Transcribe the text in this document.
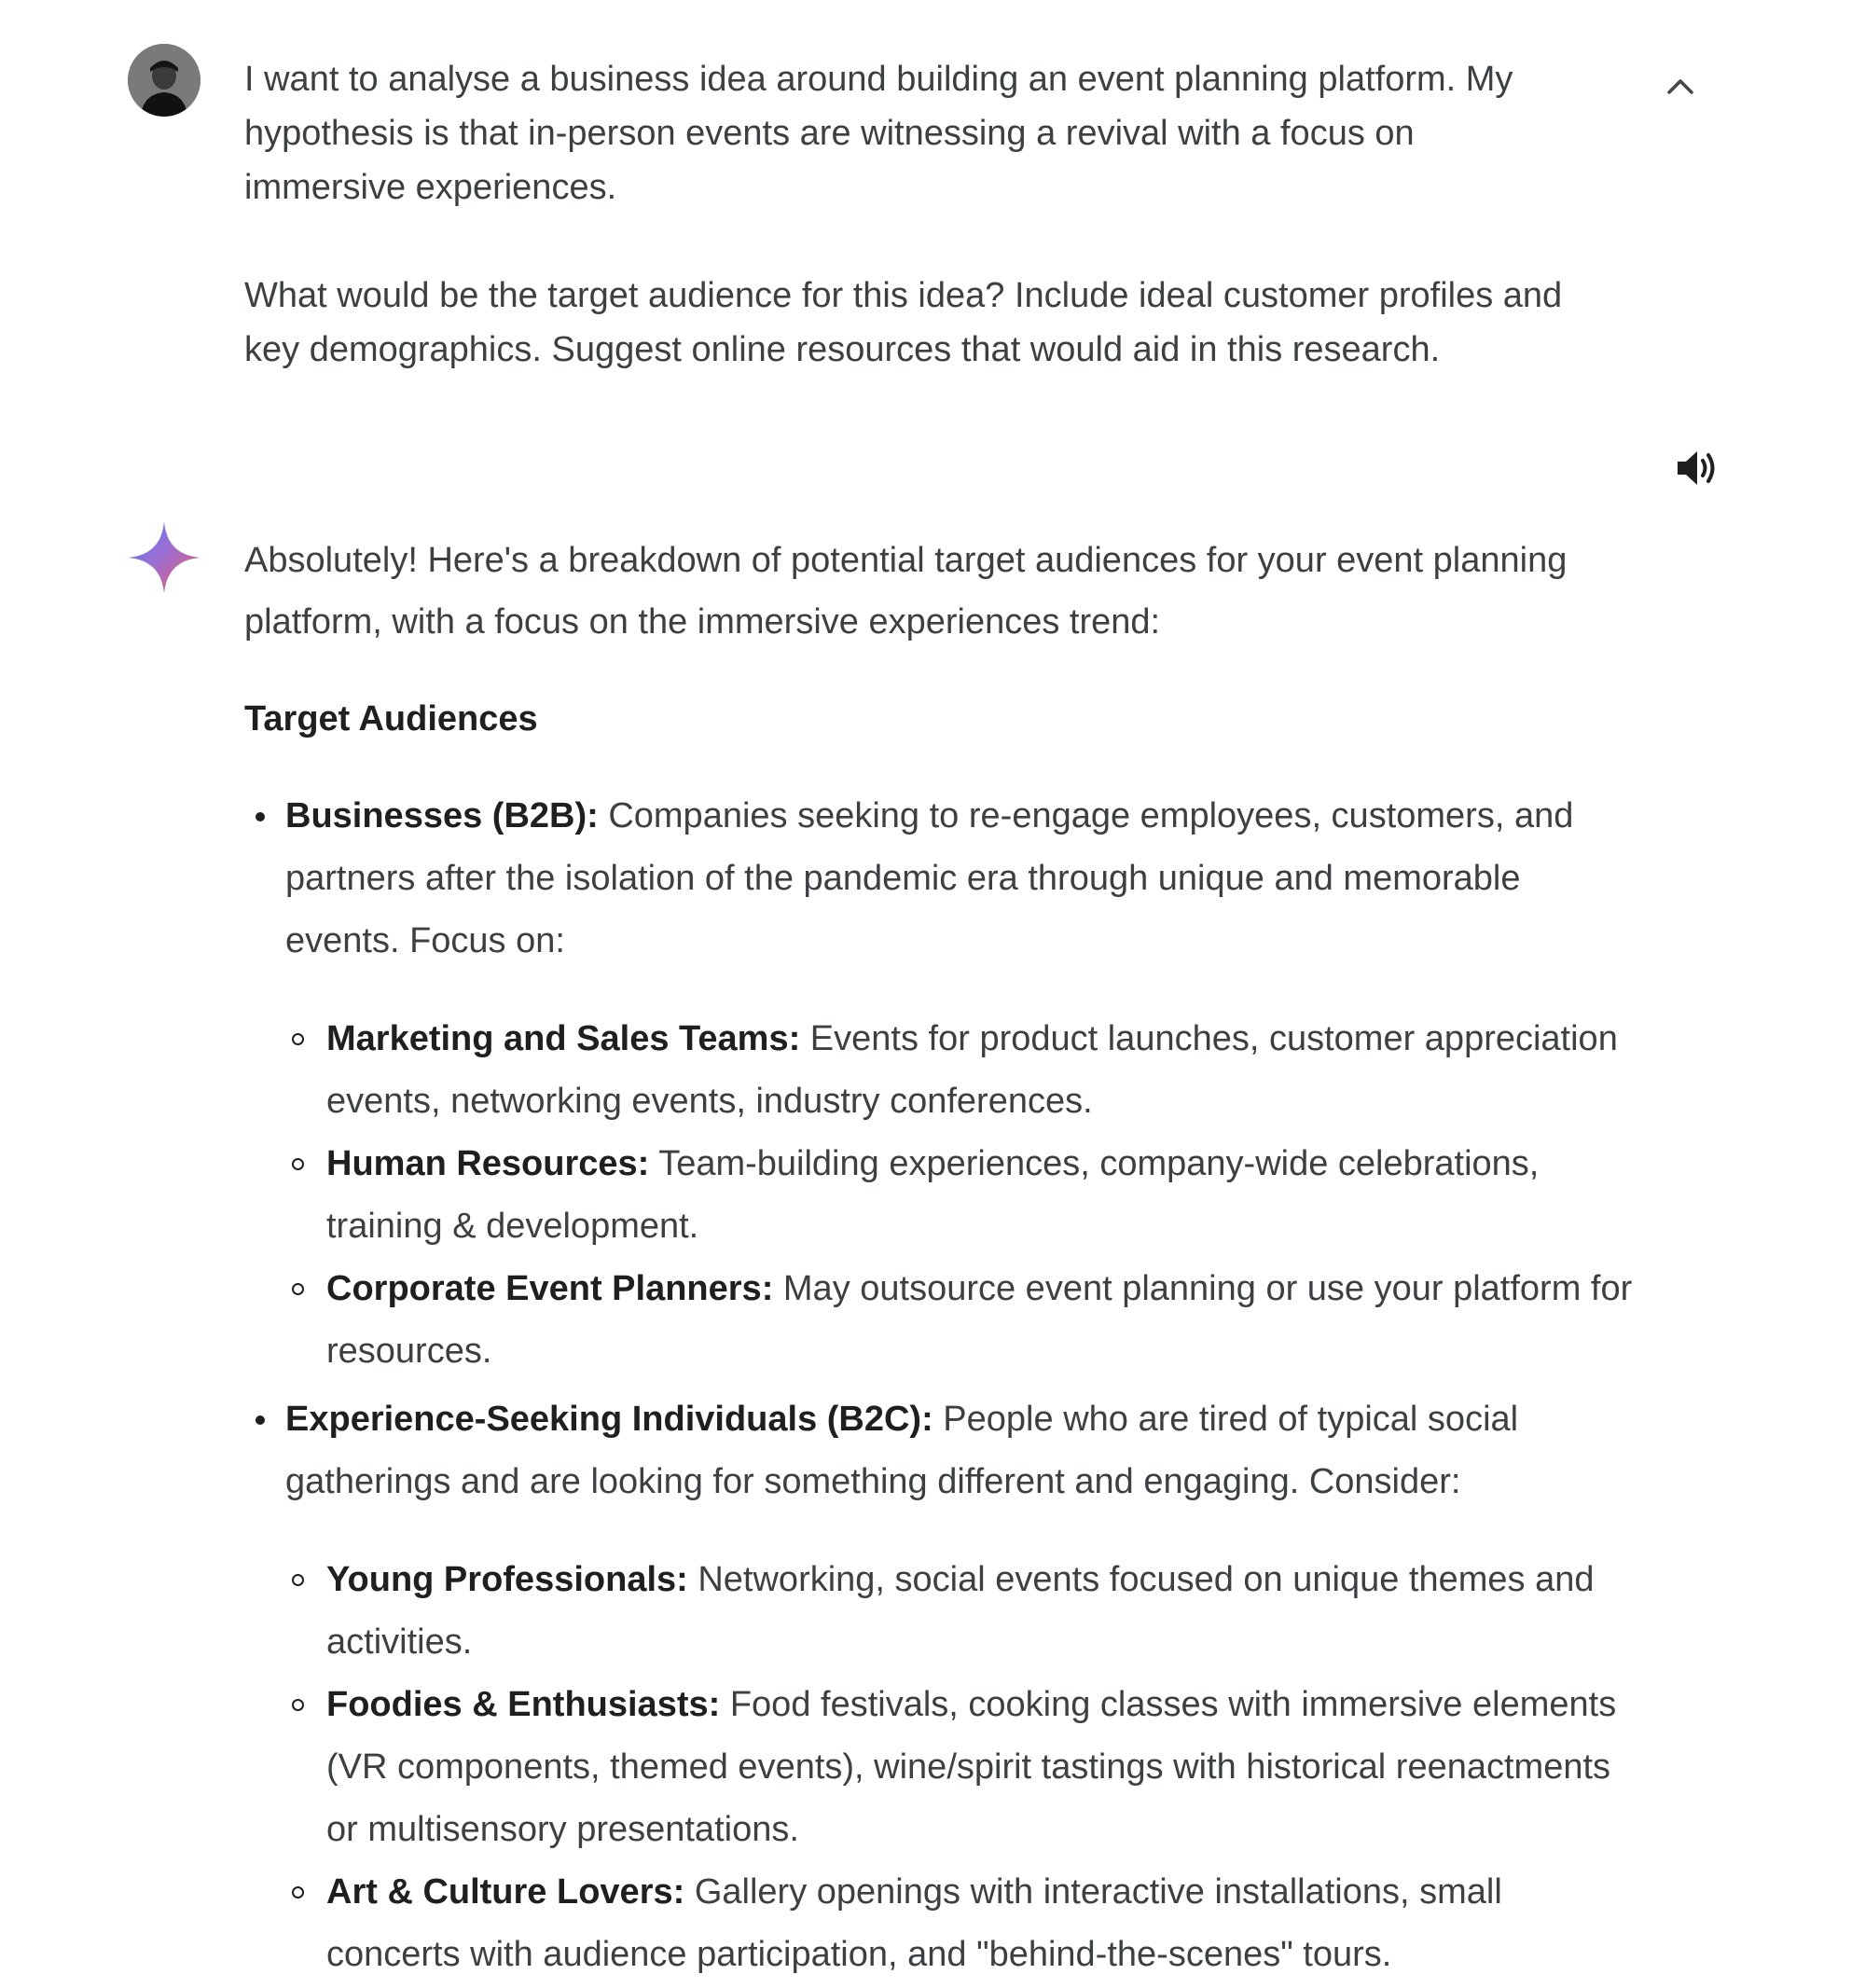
I want to analyse a business idea around building an event planning platform. My hypothesis is that in-person events are witnessing a revival with a focus on immersive experiences.

What would be the target audience for this idea? Include ideal customer profiles and key demographics. Suggest online resources that would aid in this research.

Absolutely! Here's a breakdown of potential target audiences for your event planning platform, with a focus on the immersive experiences trend:

Target Audiences
Businesses (B2B): Companies seeking to re-engage employees, customers, and partners after the isolation of the pandemic era through unique and memorable events. Focus on:
Marketing and Sales Teams: Events for product launches, customer appreciation events, networking events, industry conferences.
Human Resources: Team-building experiences, company-wide celebrations, training & development.
Corporate Event Planners: May outsource event planning or use your platform for resources.
Experience-Seeking Individuals (B2C): People who are tired of typical social gatherings and are looking for something different and engaging. Consider:
Young Professionals: Networking, social events focused on unique themes and activities.
Foodies & Enthusiasts: Food festivals, cooking classes with immersive elements (VR components, themed events), wine/spirit tastings with historical reenactments or multisensory presentations.
Art & Culture Lovers: Gallery openings with interactive installations, small concerts with audience participation, and "behind-the-scenes" tours.
